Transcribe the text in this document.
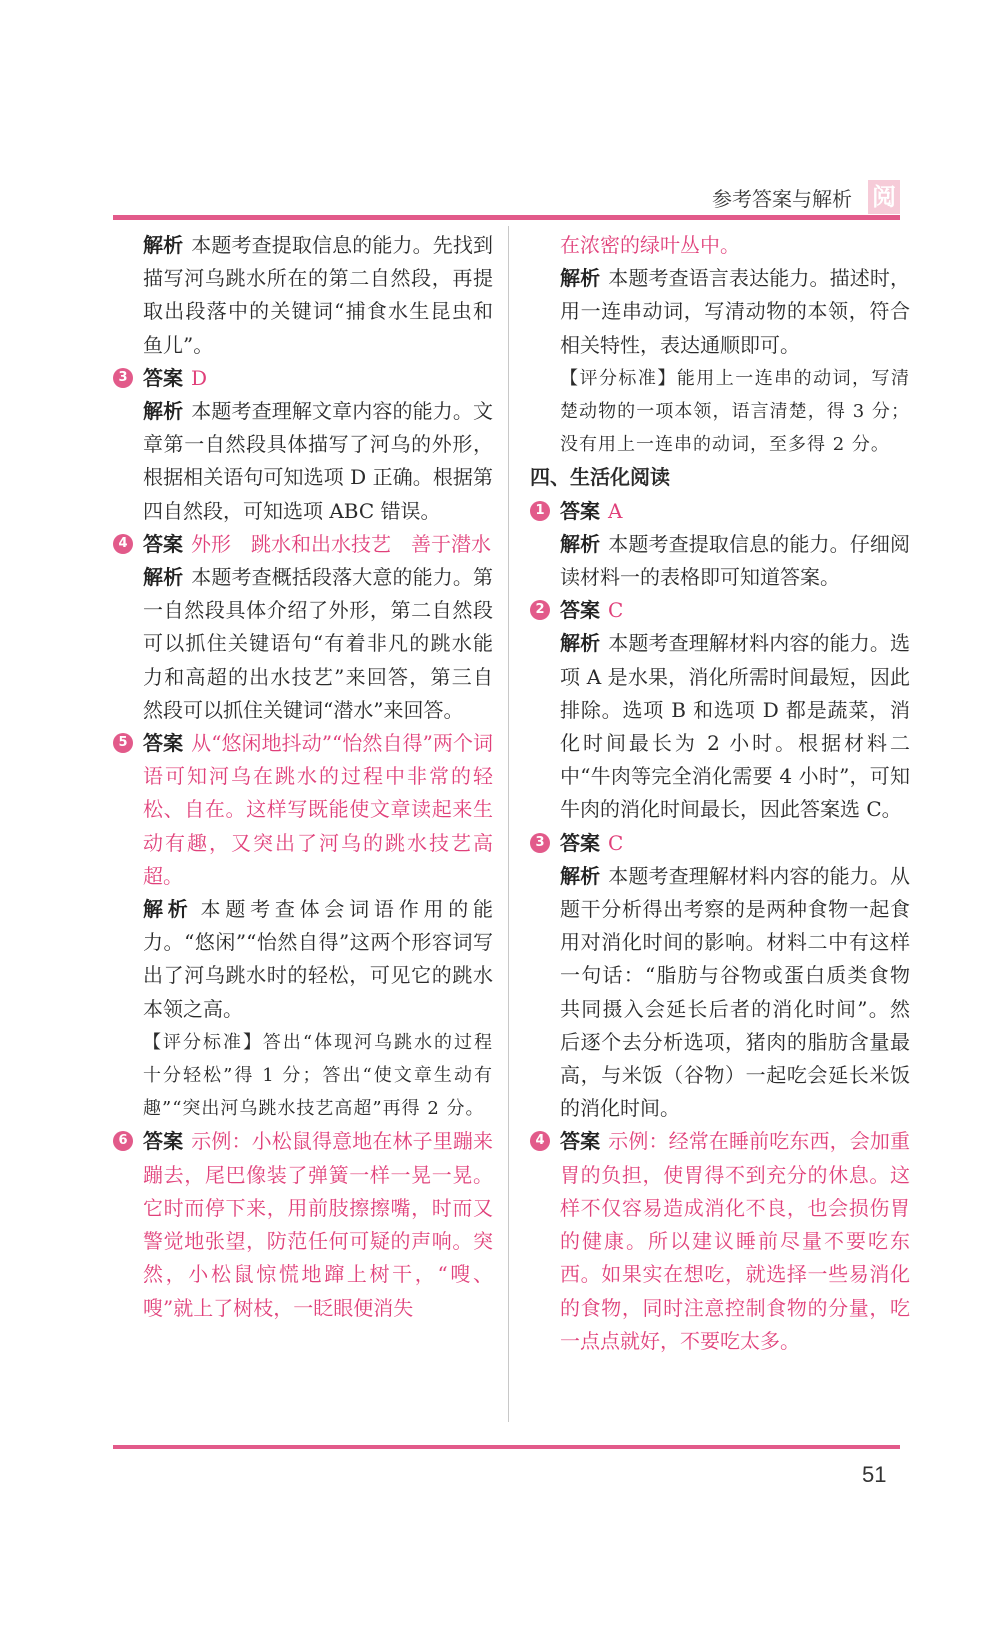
参考答案与解析 阅

解析 本题考查提取信息的能力。先找到描写河乌跳水所在的第二自然段，再提取出段落中的关键词“捕食水生昆虫和鱼儿”。

3 答案 D

解析 本题考查理解文章内容的能力。文章第一自然段具体描写了河乌的外形，根据相关语句可知选项 D 正确。根据第四自然段，可知选项 ABC 错误。

4 答案 外形　跳水和出水技艺　善于潜水

解析 本题考查概括段落大意的能力。第一自然段具体介绍了外形，第二自然段可以抓住关键语句“有着非凡的跳水能力和高超的出水技艺”来回答，第三自然段可以抓住关键词“潜水”来回答。

5 答案 从“悠闲地抖动”“怡然自得”两个词语可知河乌在跳水的过程中非常的轻松、自在。这样写既能使文章读起来生动有趣，又突出了河乌的跳水技艺高超。

解析 本题考查体会词语作用的能力。“悠闲”“怡然自得”这两个形容词写出了河乌跳水时的轻松，可见它的跳水本领之高。

【评分标准】答出“体现河乌跳水的过程十分轻松”得 1 分；答出“使文章生动有趣”“突出河乌跳水技艺高超”再得 2 分。

6 答案 示例：小松鼠得意地在林子里蹦来蹦去，尾巴像装了弹簧一样一晃一晃。它时而停下来，用前肢擦擦嘴，时而又警觉地张望，防范任何可疑的声响。突然，小松鼠惊慌地蹿上树干，“嗖、嗖”就上了树枝，一眨眼便消失

在浓密的绿叶丛中。

解析 本题考查语言表达能力。描述时，用一连串动词，写清动物的本领，符合相关特性，表达通顺即可。

【评分标准】能用上一连串的动词，写清楚动物的一项本领，语言清楚，得 3 分；没有用上一连串的动词，至多得 2 分。

四、生活化阅读

1 答案 A

解析 本题考查提取信息的能力。仔细阅读材料一的表格即可知道答案。

2 答案 C

解析 本题考查理解材料内容的能力。选项 A 是水果，消化所需时间最短，因此排除。选项 B 和选项 D 都是蔬菜，消化时间最长为 2 小时。根据材料二中“牛肉等完全消化需要 4 小时”，可知牛肉的消化时间最长，因此答案选 C。

3 答案 C

解析 本题考查理解材料内容的能力。从题干分析得出考察的是两种食物一起食用对消化时间的影响。材料二中有这样一句话：“脂肪与谷物或蛋白质类食物共同摄入会延长后者的消化时间”。然后逐个去分析选项，猪肉的脂肪含量最高，与米饭（谷物）一起吃会延长米饭的消化时间。

4 答案 示例：经常在睡前吃东西，会加重胃的负担，使胃得不到充分的休息。这样不仅容易造成消化不良，也会损伤胃的健康。所以建议睡前尽量不要吃东西。如果实在想吃，就选择一些易消化的食物，同时注意控制食物的分量，吃一点点就好，不要吃太多。

51
